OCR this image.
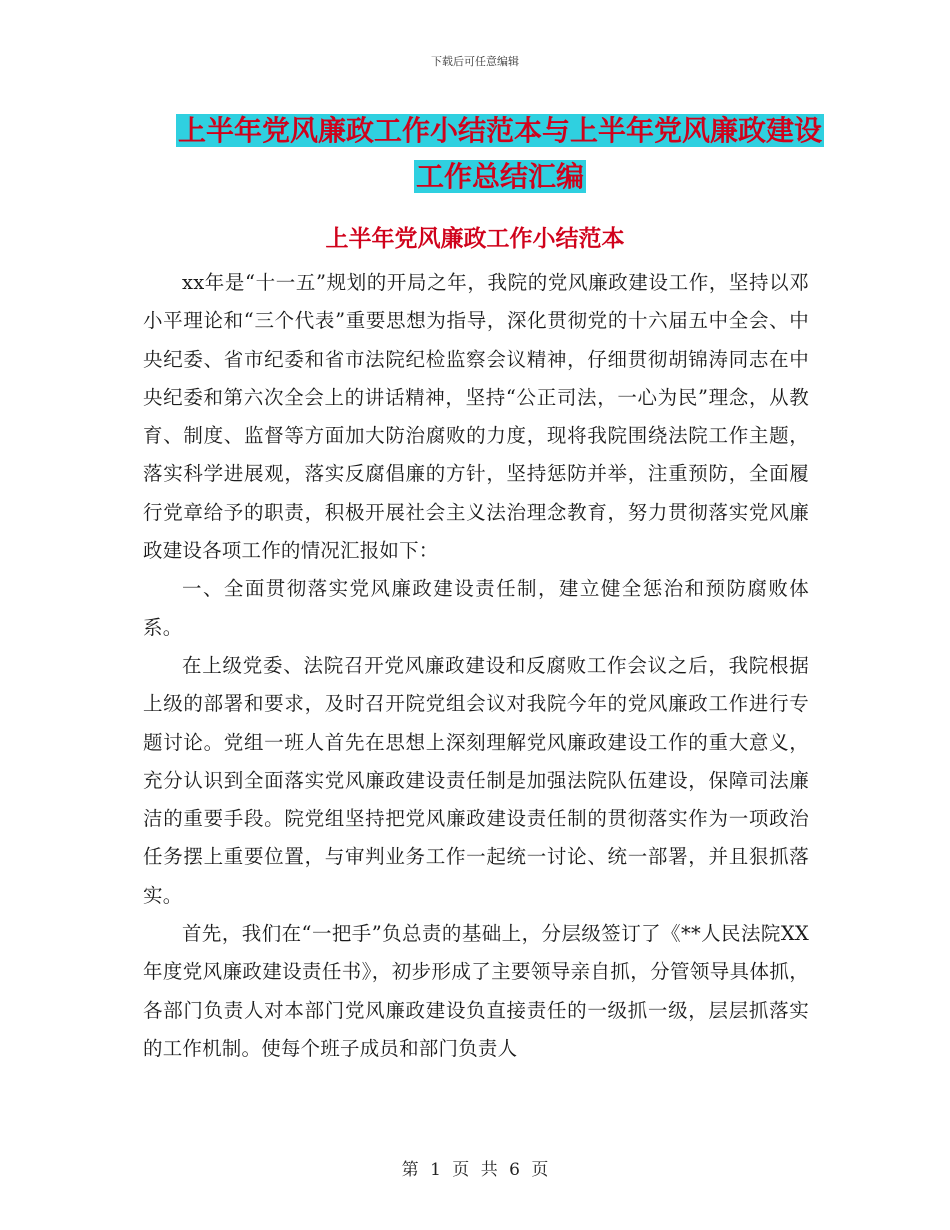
下载后可任意编辑
上半年党风廉政工作小结范本与上半年党风廉政建设
工作总结汇编
上半年党风廉政工作小结范本

xx年是“十一五”规划的开局之年，我院的党风廉政建设工作，坚持以邓小平理论和“三个代表”重要思想为指导，深化贯彻党的十六届五中全会、中央纪委、省市纪委和省市法院纪检监察会议精神，仔细贯彻胡锦涛同志在中央纪委和第六次全会上的讲话精神，坚持“公正司法，一心为民”理念，从教育、制度、监督等方面加大防治腐败的力度，现将我院围绕法院工作主题，落实科学进展观，落实反腐倡廉的方针，坚持惩防并举，注重预防，全面履行党章给予的职责，积极开展社会主义法治理念教育，努力贯彻落实党风廉政建设各项工作的情况汇报如下：

一、全面贯彻落实党风廉政建设责任制，建立健全惩治和预防腐败体系。

在上级党委、法院召开党风廉政建设和反腐败工作会议之后，我院根据上级的部署和要求，及时召开院党组会议对我院今年的党风廉政工作进行专题讨论。党组一班人首先在思想上深刻理解党风廉政建设工作的重大意义，充分认识到全面落实党风廉政建设责任制是加强法院队伍建设，保障司法廉洁的重要手段。院党组坚持把党风廉政建设责任制的贯彻落实作为一项政治任务摆上重要位置，与审判业务工作一起统一讨论、统一部署，并且狠抓落实。

首先，我们在“一把手”负总责的基础上，分层级签订了《**人民法院XX年度党风廉政建设责任书》，初步形成了主要领导亲自抓，分管领导具体抓，各部门负责人对本部门党风廉政建设负直接责任的一级抓一级，层层抓落实的工作机制。使每个班子成员和部门负责人

第 1 页 共 6 页
